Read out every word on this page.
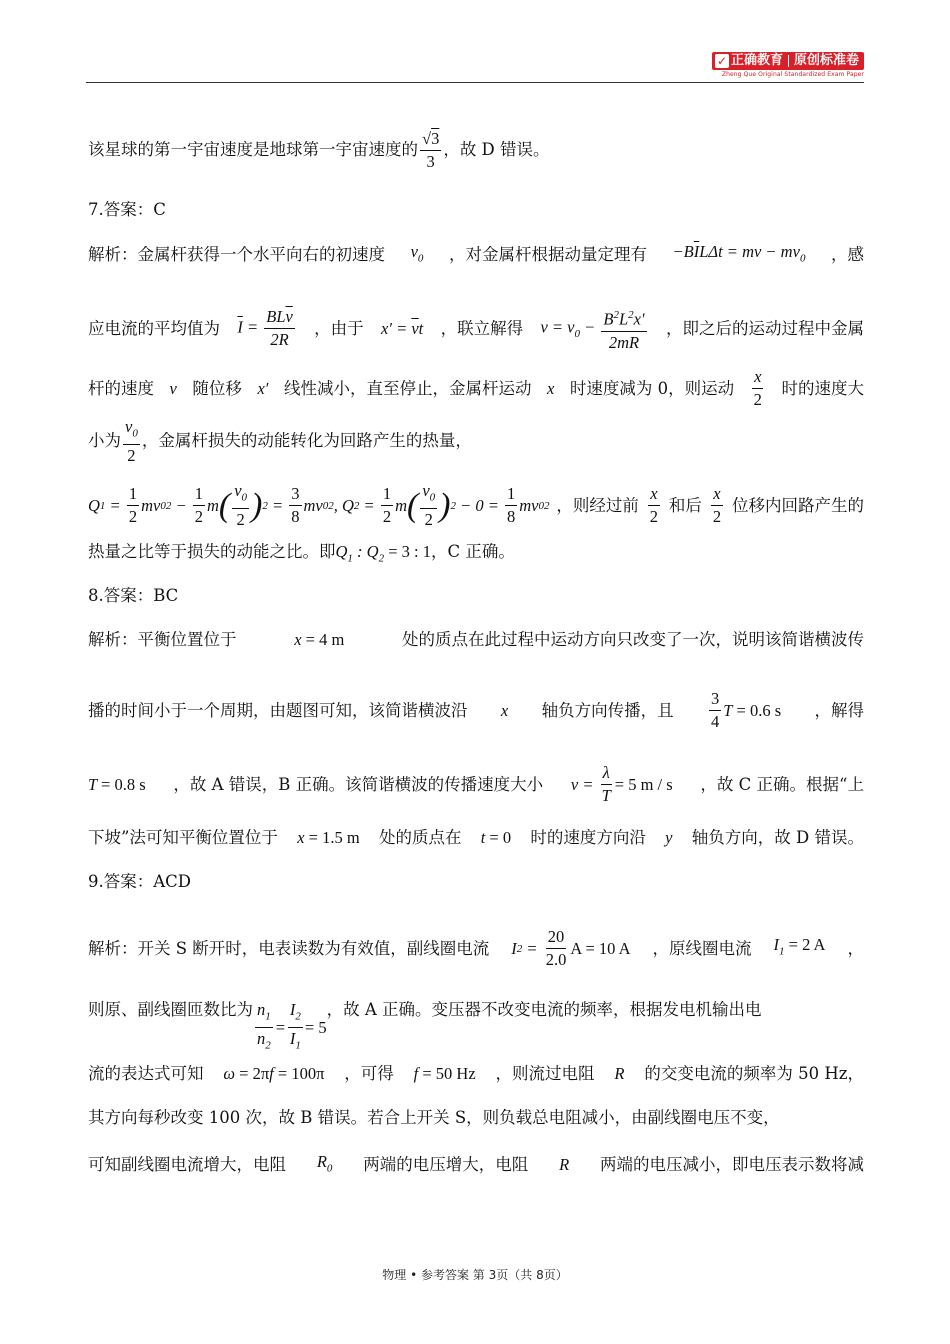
✓ 正确教育 原创标准卷
Zheng Que Original Standardized Exam Paper
该星球的第一宇宙速度是地球第一宇宙速度的 $\frac{√3}{3}$ ，故 D 错误。
7.答案：C
解析：金属杆获得一个水平向右的初速度 $v_0$ ，对金属杆根据动量定理有 $-B\overline{I}L\Delta t$ = mv − $mv_0$ ，感
应电流的平均值为 $\overline{I} = \frac{BL\overline{v}}{2R}$ ，由于 $x' = \overline{v}t$ ，联立解得 $v = v_0 - \frac{B^2L^2x'}{2mR}$ ，即之后的运动过程中金属
杆的速度 v 随位移 x′ 线性减小，直至停止，金属杆运动 x 时速度减为 0，则运动 $\frac{x}{2}$ 时的速度大
小为 $\frac{v_0}{2}$ ，金属杆损失的动能转化为回路产生的热量，
Q $1 = \frac{1}{2}$ mv 0 $2 - \frac{1}{2}$ m ( $\frac{v_0}{2}$ ) $2 = \frac{3}{8}$ mv 0 2 , Q $2 = \frac{1}{2}$ m ( $\frac{v_0}{2}$ ) $2 - 0 = \frac{1}{8}$ mv 0 2 ，则经过前 $\frac{x}{2}$ 和后 $\frac{x}{2}$ 位移内回路产生的
热量之比等于损失的动能之比。即$Q_1$ : $Q_2 = 3$ : 1，C 正确。
8.答案：BC
解析：平衡位置位于	x = 4 m	处的质点在此过程中运动方向只改变了一次，说明该简谐横波传
播的时间小于一个周期，由题图可知，该简谐横波沿 x 轴负方向传播，且 $\frac{3}{4}$ T = 0.6 s ，解得
T = 0.8 s ，故 A 错误，B 正确。该简谐横波的传播速度大小 $v = \frac{\lambda}{T} = 5$ m / s ，故 C 正确。根据“上
下坡”法可知平衡位置位于 x = 1.5 m 处的质点在 t = 0 时的速度方向沿 y 轴负方向，故 D 错误。
9.答案：ACD
解析：开关 S 断开时，电表读数为有效值，副线圈电流 I $2 = \frac{20}{2.0}$ A = 10 A ，原线圈电流 $I_1 = 2$ A ，
则原、副线圈匝数比为 $\frac{n_1}{n_2} = \frac{I_2}{I_1} = 5$
，故 A 正确。变压器不改变电流的频率，根据发电机输出电
流的表达式可知 ω = 2πf = 100π ，可得 f = 50 Hz ，则流过电阻 R 的交变电流的频率为 50 Hz，
其方向每秒改变 100 次，故 B 错误。若合上开关 S，则负载总电阻减小，由副线圈电压不变，
可知副线圈电流增大，电阻 $R_0$ 两端的电压增大，电阻 R 两端的电压减小，即电压表示数将减
物理 • 参考答案 第 3页（共 8页）
